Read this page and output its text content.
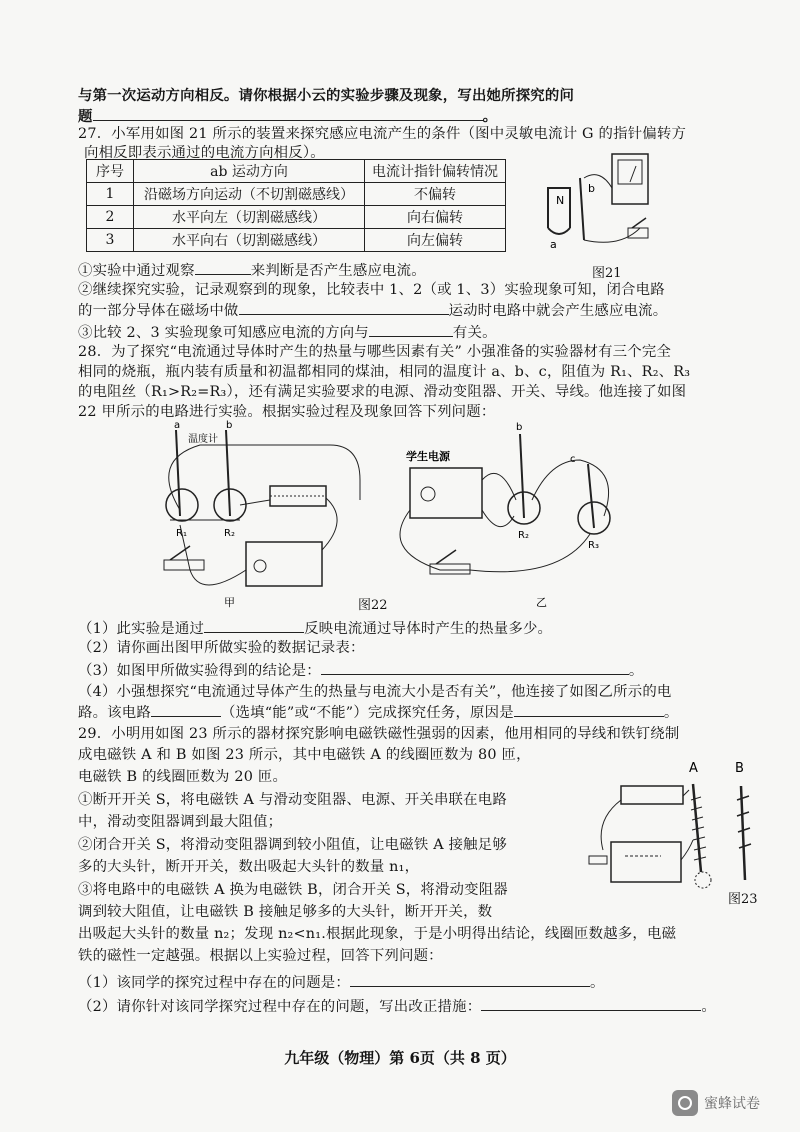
与第一次运动方向相反。请你根据小云的实验步骤及现象，写出她所探究的问
题	。
27．小军用如图 21 所示的装置来探究感应电流产生的条件（图中灵敏电流计 G 的指针偏转方
向相反即表示通过的电流方向相反）。
序号	ab 运动方向	电流计指针偏转情况
1	沿磁场方向运动（不切割磁感线）	不偏转
2	水平向左（切割磁感线）	向右偏转
3	水平向右（切割磁感线）	向左偏转
N
b
a
图21
①实验中通过观察	来判断是否产生感应电流。
②继续探究实验，记录观察到的现象，比较表中 1、2（或 1、3）实验现象可知，闭合电路
的一部分导体在磁场中做	运动时电路中就会产生感应电流。
③比较 2、3 实验现象可知感应电流的方向与	有关。
28．为了探究“电流通过导体时产生的热量与哪些因素有关” 小强准备的实验器材有三个完全
相同的烧瓶，瓶内装有质量和初温都相同的煤油，相同的温度计 a、b、c，阻值为 R₁、R₂、R₃
的电阻丝（R₁>R₂=R₃），还有满足实验要求的电源、滑动变阻器、开关、导线。他连接了如图
22 甲所示的电路进行实验。根据实验过程及现象回答下列问题：
a	b
温度计
R₁	R₂
甲
学生电源
b
c
R₂
R₃
乙
图22
（1）此实验是通过	反映电流通过导体时产生的热量多少。
（2）请你画出图甲所做实验的数据记录表：
（3）如图甲所做实验得到的结论是：	。
（4）小强想探究“电流通过导体产生的热量与电流大小是否有关”，他连接了如图乙所示的电
路。该电路	（选填“能”或“不能”）完成探究任务，原因是	。
29．小明用如图 23 所示的器材探究影响电磁铁磁性强弱的因素，他用相同的导线和铁钉绕制
成电磁铁 A 和 B 如图 23 所示，其中电磁铁 A 的线圈匝数为 80 匝，
电磁铁 B 的线圈匝数为 20 匝。
①断开开关 S，将电磁铁 A 与滑动变阻器、电源、开关串联在电路
中，滑动变阻器调到最大阻值；
②闭合开关 S，将滑动变阻器调到较小阻值，让电磁铁 A 接触足够
多的大头针，断开开关，数出吸起大头针的数量 n₁，
③将电路中的电磁铁 A 换为电磁铁 B，闭合开关 S，将滑动变阻器
调到较大阻值，让电磁铁 B 接触足够多的大头针，断开开关，数
出吸起大头针的数量 n₂；发现 n₂<n₁.根据此现象，于是小明得出结论，线圈匝数越多，电磁
铁的磁性一定越强。根据以上实验过程，回答下列问题：
A	B
图23
（1）该同学的探究过程中存在的问题是：	。
（2）请你针对该同学探究过程中存在的问题，写出改正措施：	。
九年级（物理）第 6页（共 8 页）
蜜蜂试卷
